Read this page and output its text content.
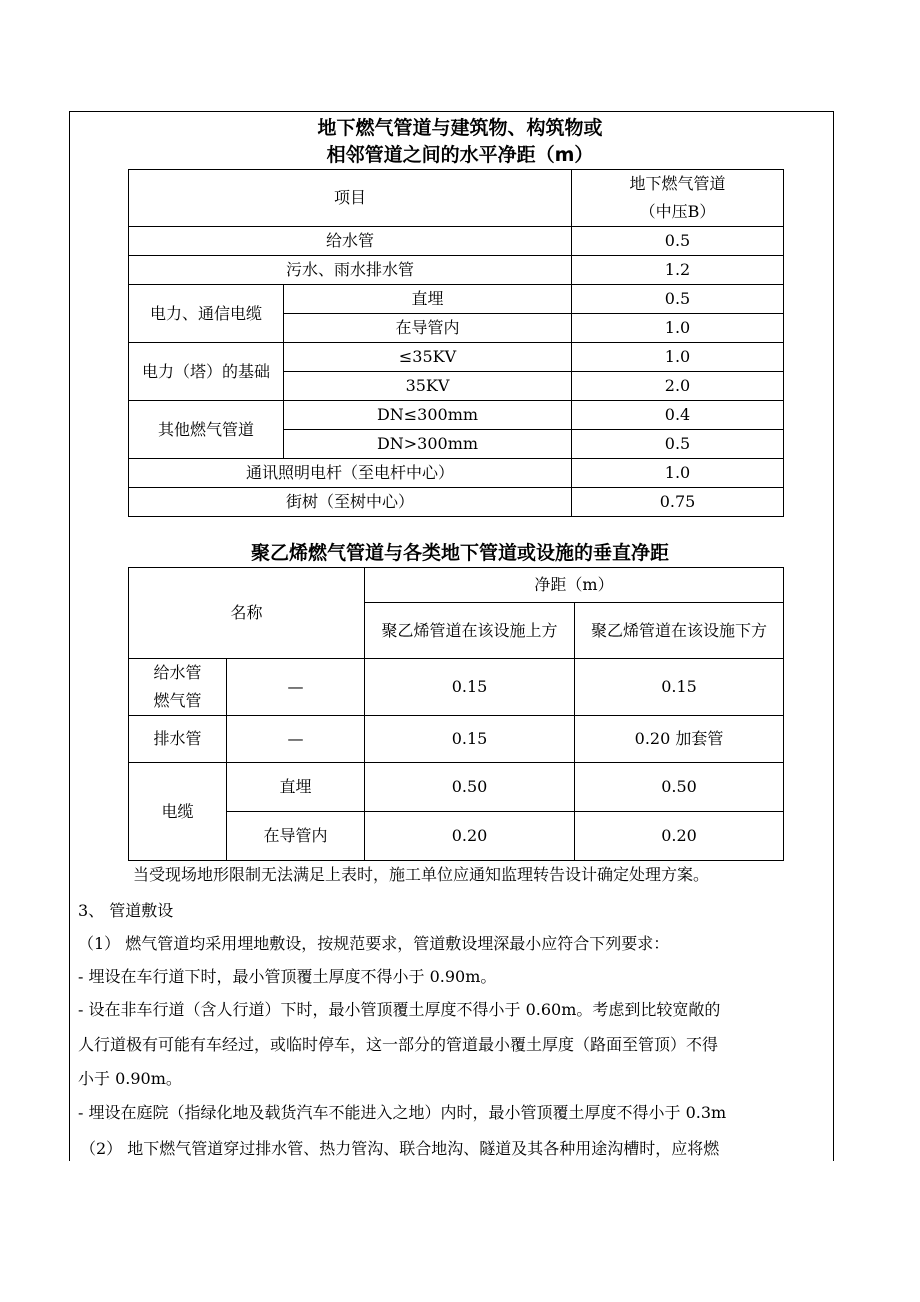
地下燃气管道与建筑物、构筑物或
相邻管道之间的水平净距（m）
项目		地下燃气管道
（中压B）

给水管		0.5
污水、雨水排水管		1.2
电力、通信电缆	直埋	0.5
	在导管内	1.0
电力（塔）的基础	≤35KV	1.0
	35KV	2.0
其他燃气管道	DN≤300mm	0.4
	DN>300mm	0.5
通讯照明电杆（至电杆中心）		1.0
街树（至树中心）		0.75
聚乙烯燃气管道与各类地下管道或设施的垂直净距
名称		净距（m）	
		聚乙烯管道在该设施上方	聚乙烯管道在该设施下方

给水管
燃气管	—	0.15	0.15
排水管	—	0.15	0.20 加套管
电缆	直埋	0.50	0.50
	在导管内	0.20	0.20
当受现场地形限制无法满足上表时，施工单位应通知监理转告设计确定处理方案。
3、 管道敷设
（1） 燃气管道均采用埋地敷设，按规范要求，管道敷设埋深最小应符合下列要求：
- 埋设在车行道下时，最小管顶覆土厚度不得小于 0.90m。
- 设在非车行道（含人行道）下时，最小管顶覆土厚度不得小于 0.60m。考虑到比较宽敞的
人行道极有可能有车经过，或临时停车，这一部分的管道最小覆土厚度（路面至管顶）不得
小于 0.90m。
- 埋设在庭院（指绿化地及载货汽车不能进入之地）内时，最小管顶覆土厚度不得小于 0.3m
（2） 地下燃气管道穿过排水管、热力管沟、联合地沟、隧道及其各种用途沟槽时，应将燃
